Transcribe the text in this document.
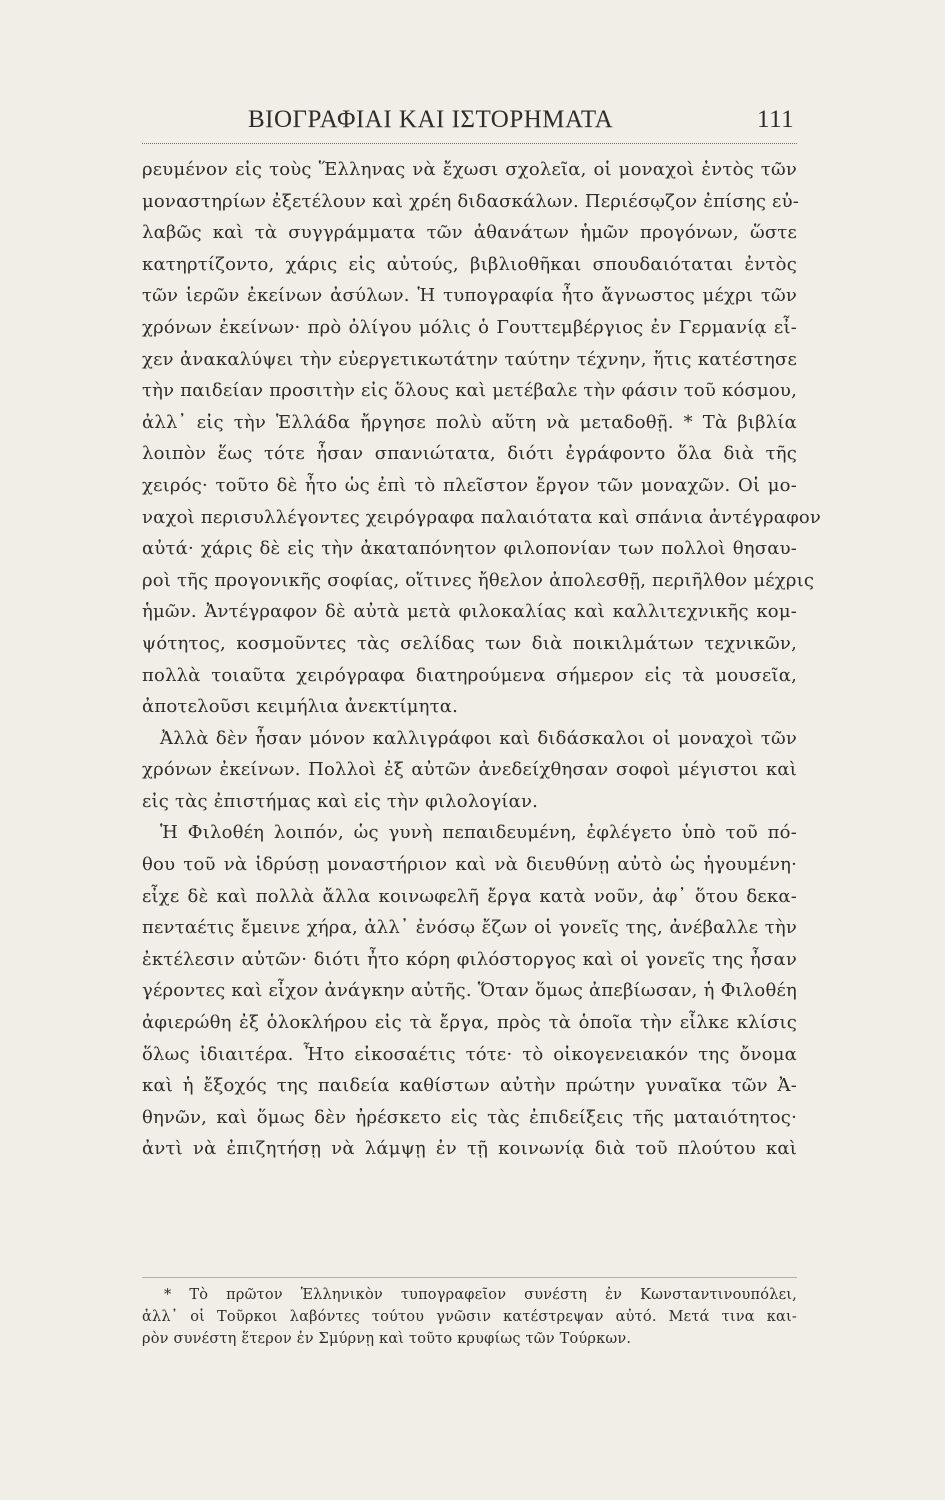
ΒΙΟΓΡΑΦΙΑΙ ΚΑΙ ΙΣΤΟΡΗΜΑΤΑ	111
ρευμένον εἰς τοὺς Ἕλληνας νὰ ἔχωσι σχολεῖα, οἱ μοναχοὶ ἐντὸς τῶν
μοναστηρίων ἐξετέλουν καὶ χρέη διδασκάλων. Περιέσῳζον ἐπίσης εὐ-
λαβῶς καὶ τὰ συγγράμματα τῶν ἀθανάτων ἡμῶν προγόνων, ὥστε
κατηρτίζοντο, χάρις εἰς αὐτούς, βιβλιοθῆκαι σπουδαιόταται ἐντὸς
τῶν ἱερῶν ἐκείνων ἀσύλων. Ἡ τυπογραφία ἦτο ἄγνωστος μέχρι τῶν
χρόνων ἐκείνων· πρὸ ὀλίγου μόλις ὁ Γουττεμβέργιος ἐν Γερμανίᾳ εἶ-
χεν ἀνακαλύψει τὴν εὐεργετικωτάτην ταύτην τέχνην, ἥτις κατέστησε
τὴν παιδείαν προσιτὴν εἰς ὅλους καὶ μετέβαλε τὴν φάσιν τοῦ κόσμου,
ἀλλ᾽ εἰς τὴν Ἑλλάδα ἤργησε πολὺ αὕτη νὰ μεταδοθῇ. * Τὰ βιβλία
λοιπὸν ἕως τότε ἦσαν σπανιώτατα, διότι ἐγράφοντο ὅλα διὰ τῆς
χειρός· τοῦτο δὲ ἦτο ὡς ἐπὶ τὸ πλεῖστον ἔργον τῶν μοναχῶν. Οἱ μο-
ναχοὶ περισυλλέγοντες χειρόγραφα παλαιότατα καὶ σπάνια ἀντέγραφον
αὐτά· χάρις δὲ εἰς τὴν ἀκαταπόνητον φιλοπονίαν των πολλοὶ θησαυ-
ροὶ τῆς προγονικῆς σοφίας, οἵτινες ἤθελον ἀπολεσθῇ, περιῆλθον μέχρις
ἡμῶν. Ἀντέγραφον δὲ αὐτὰ μετὰ φιλοκαλίας καὶ καλλιτεχνικῆς κομ-
ψότητος, κοσμοῦντες τὰς σελίδας των διὰ ποικιλμάτων τεχνικῶν,
πολλὰ τοιαῦτα χειρόγραφα διατηρούμενα σήμερον εἰς τὰ μουσεῖα,
ἀποτελοῦσι κειμήλια ἀνεκτίμητα.
Ἀλλὰ δὲν ἦσαν μόνον καλλιγράφοι καὶ διδάσκαλοι οἱ μοναχοὶ τῶν
χρόνων ἐκείνων. Πολλοὶ ἐξ αὐτῶν ἀνεδείχθησαν σοφοὶ μέγιστοι καὶ
εἰς τὰς ἐπιστήμας καὶ εἰς τὴν φιλολογίαν.
Ἡ Φιλοθέη λοιπόν, ὡς γυνὴ πεπαιδευμένη, ἐφλέγετο ὑπὸ τοῦ πό-
θου τοῦ νὰ ἱδρύσῃ μοναστήριον καὶ νὰ διευθύνῃ αὐτὸ ὡς ἡγουμένη·
εἶχε δὲ καὶ πολλὰ ἄλλα κοινωφελῆ ἔργα κατὰ νοῦν, ἀφ᾽ ὅτου δεκα-
πενταέτις ἔμεινε χήρα, ἀλλ᾽ ἐνόσῳ ἔζων οἱ γονεῖς της, ἀνέβαλλε τὴν
ἐκτέλεσιν αὐτῶν· διότι ἦτο κόρη φιλόστοργος καὶ οἱ γονεῖς της ἦσαν
γέροντες καὶ εἶχον ἀνάγκην αὐτῆς. Ὅταν ὅμως ἀπεβίωσαν, ἡ Φιλοθέη
ἀφιερώθη ἐξ ὁλοκλήρου εἰς τὰ ἔργα, πρὸς τὰ ὁποῖα τὴν εἷλκε κλίσις
ὅλως ἰδιαιτέρα. Ἦτο εἰκοσαέτις τότε· τὸ οἰκογενειακόν της ὄνομα
καὶ ἡ ἔξοχός της παιδεία καθίστων αὐτὴν πρώτην γυναῖκα τῶν Ἀ-
θηνῶν, καὶ ὅμως δὲν ἠρέσκετο εἰς τὰς ἐπιδείξεις τῆς ματαιότητος·
ἀντὶ νὰ ἐπιζητήσῃ νὰ λάμψῃ ἐν τῇ κοινωνίᾳ διὰ τοῦ πλούτου καὶ
* Τὸ πρῶτον Ἑλληνικὸν τυπογραφεῖον συνέστη ἐν Κωνσταντινουπόλει,
ἀλλ᾽ οἱ Τοῦρκοι λαβόντες τούτου γνῶσιν κατέστρεψαν αὐτό. Μετά τινα και-
ρὸν συνέστη ἕτερον ἐν Σμύρνῃ καὶ τοῦτο κρυφίως τῶν Τούρκων.
